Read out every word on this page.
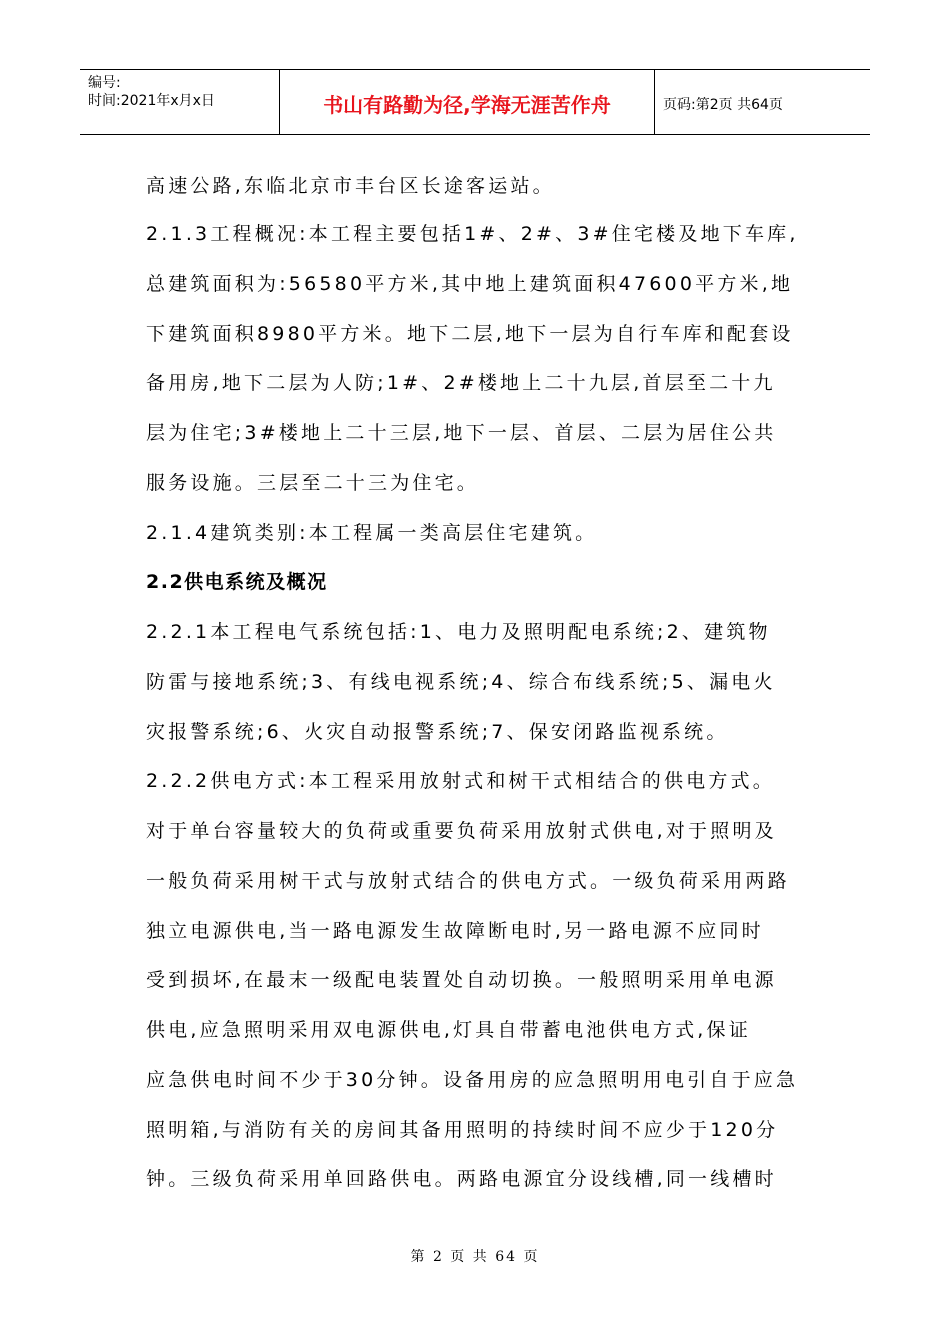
编号:
时间:2021年x月x日	书山有路勤为径,学海无涯苦作舟	页码:第2页 共64页
高速公路,东临北京市丰台区长途客运站。
2.1.3工程概况:本工程主要包括1#、2#、3#住宅楼及地下车库,
总建筑面积为:56580平方米,其中地上建筑面积47600平方米,地
下建筑面积8980平方米。地下二层,地下一层为自行车库和配套设
备用房,地下二层为人防;1#、2#楼地上二十九层,首层至二十九
层为住宅;3#楼地上二十三层,地下一层、首层、二层为居住公共
服务设施。三层至二十三为住宅。
2.1.4建筑类别:本工程属一类高层住宅建筑。
2.2供电系统及概况
2.2.1本工程电气系统包括:1、电力及照明配电系统;2、建筑物
防雷与接地系统;3、有线电视系统;4、综合布线系统;5、漏电火
灾报警系统;6、火灾自动报警系统;7、保安闭路监视系统。
2.2.2供电方式:本工程采用放射式和树干式相结合的供电方式。
对于单台容量较大的负荷或重要负荷采用放射式供电,对于照明及
一般负荷采用树干式与放射式结合的供电方式。一级负荷采用两路
独立电源供电,当一路电源发生故障断电时,另一路电源不应同时
受到损坏,在最末一级配电装置处自动切换。一般照明采用单电源
供电,应急照明采用双电源供电,灯具自带蓄电池供电方式,保证
应急供电时间不少于30分钟。设备用房的应急照明用电引自于应急
照明箱,与消防有关的房间其备用照明的持续时间不应少于120分
钟。三级负荷采用单回路供电。两路电源宜分设线槽,同一线槽时
第 2 页 共 64 页
